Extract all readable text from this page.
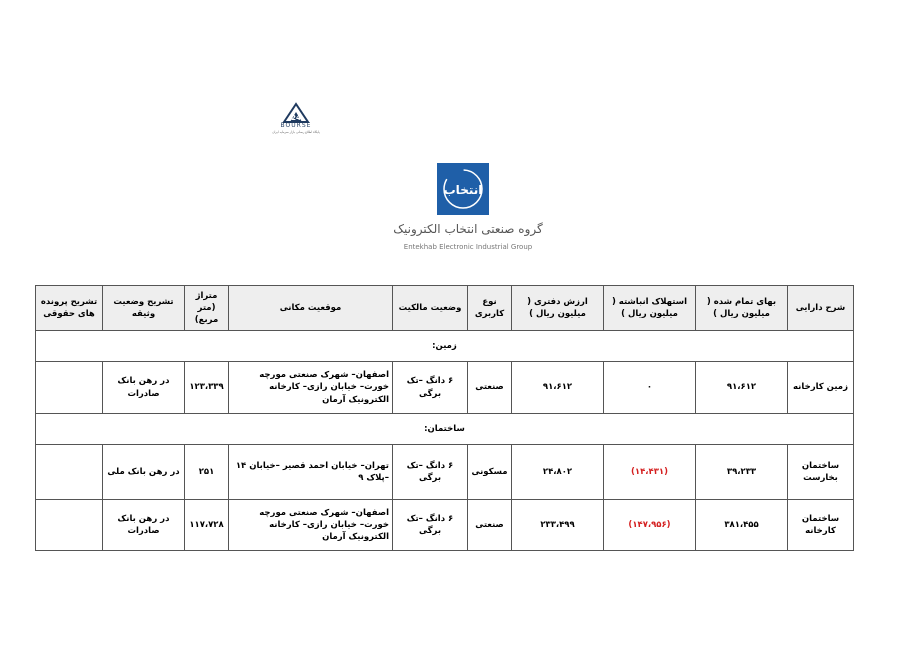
24
BOURSE
پایگاه اطلاع رسانی بازار سرمایه ایران
انتخاب
گروه صنعتی انتخاب الکترونیک
Entekhab Electronic Industrial Group
شرح دارایی	بهای تمام شده ( میلیون ریال )	استهلاک انباشته ( میلیون ریال )	ارزش دفتری ( میلیون ریال )	نوع کاربری	وضعیت مالکیت	موقعیت مکانی	متراژ (متر مربع)	تشریح وضعیت وثیقه	تشریح پرونده های حقوقی
زمین:									
زمین کارخانه	۹۱،۶۱۲	۰	۹۱،۶۱۲	صنعتی	۶ دانگ –تک برگی	اصفهان– شهرک صنعتی مورچه خورت– خیابان رازی– کارخانه الکترونیک آرمان	۱۲۳،۳۳۹	در رهن بانک صادرات	
ساختمان:									
ساختمان بخارست	۳۹،۲۳۳	(۱۴،۴۳۱)	۲۴،۸۰۲	مسکونی	۶ دانگ –تک برگی	تهران– خیابان احمد قصیر –خیابان ۱۴ –پلاک ۹	۲۵۱	در رهن بانک ملی	
ساختمان کارخانه	۳۸۱،۴۵۵	(۱۴۷،۹۵۶)	۲۳۳،۴۹۹	صنعتی	۶ دانگ –تک برگی	اصفهان– شهرک صنعتی مورچه خورت– خیابان رازی– کارخانه الکترونیک آرمان	۱۱۷،۷۲۸	در رهن بانک صادرات	
